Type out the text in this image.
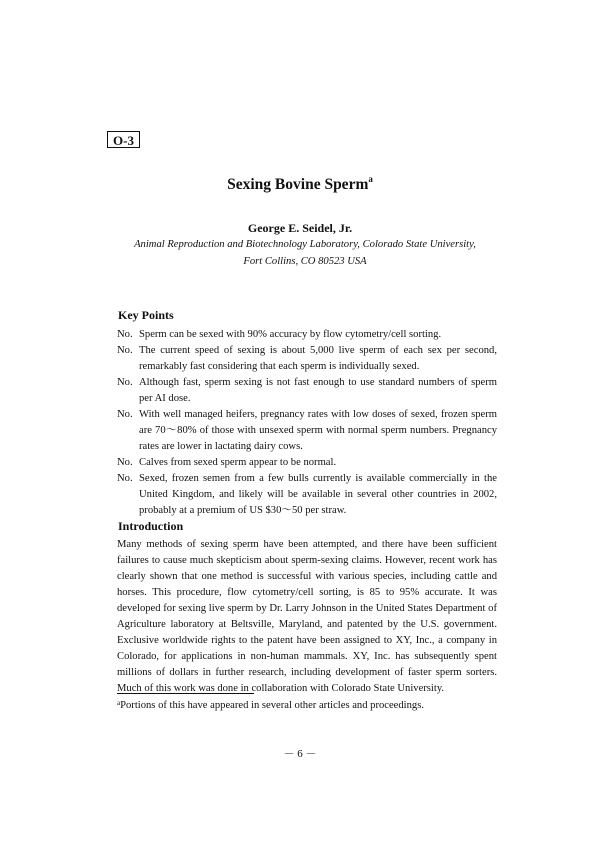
O-3
Sexing Bovine Sperm$^a$
George E. Seidel, Jr.
Animal Reproduction and Biotechnology Laboratory, Colorado State University,
Fort Collins, CO 80523 USA
Key Points
No. Sperm can be sexed with 90% accuracy by flow cytometry/cell sorting.
No. The current speed of sexing is about 5,000 live sperm of each sex per second, remarkably fast considering that each sperm is individually sexed.
No. Although fast, sperm sexing is not fast enough to use standard numbers of sperm per AI dose.
No. With well managed heifers, pregnancy rates with low doses of sexed, frozen sperm are 70～80% of those with unsexed sperm with normal sperm numbers. Pregnancy rates are lower in lactating dairy cows.
No. Calves from sexed sperm appear to be normal.
No. Sexed, frozen semen from a few bulls currently is available commercially in the United Kingdom, and likely will be available in several other countries in 2002, probably at a premium of US $30～50 per straw.
Introduction

Many methods of sexing sperm have been attempted, and there have been sufficient failures to cause much skepticism about sperm-sexing claims. However, recent work has clearly shown that one method is successful with various species, including cattle and horses. This procedure, flow cytometry/cell sorting, is 85 to 95% accurate. It was developed for sexing live sperm by Dr. Larry Johnson in the United States Department of Agriculture laboratory at Beltsville, Maryland, and patented by the U.S. government. Exclusive worldwide rights to the patent have been assigned to XY, Inc., a company in Colorado, for applications in non-human mammals. XY, Inc. has subsequently spent millions of dollars in further research, including development of faster sperm sorters. Much of this work was done in collaboration with Colorado State University.

$^a$Portions of this have appeared in several other articles and proceedings.
－ 6 －
